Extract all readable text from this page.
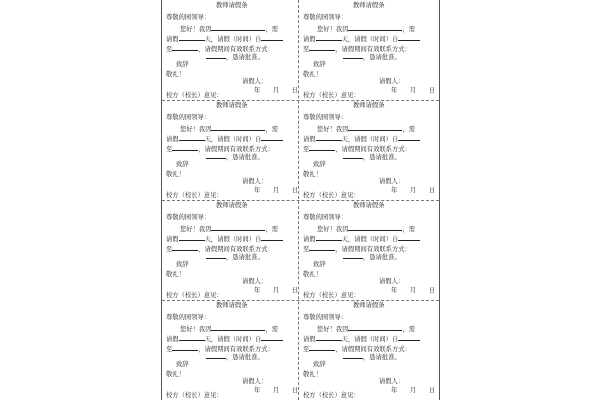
教师请假条
尊敬的园领导：
您好！我因	，需
请假	天，请假（时间）自
至	，请假期间有效联系方式：
，恳请批准。
致辞
敬礼！
请假人：
年　　月　　日
校方（校长）意见：
教师请假条
尊敬的园领导：
您好！我因	，需
请假	天，请假（时间）自
至	，请假期间有效联系方式：
，恳请批准。
致辞
敬礼！
请假人：
年　　月　　日
校方（校长）意见：
教师请假条
尊敬的园领导：
您好！我因	，需
请假	天，请假（时间）自
至	，请假期间有效联系方式：
，恳请批准。
致辞
敬礼！
请假人：
年　　月　　日
校方（校长）意见：
教师请假条
尊敬的园领导：
您好！我因	，需
请假	天，请假（时间）自
至	，请假期间有效联系方式：
，恳请批准。
致辞
敬礼！
请假人：
年　　月　　日
校方（校长）意见：
教师请假条
尊敬的园领导：
您好！我因	，需
请假	天，请假（时间）自
至	，请假期间有效联系方式：
，恳请批准。
致辞
敬礼！
请假人：
年　　月　　日
校方（校长）意见：
教师请假条
尊敬的园领导：
您好！我因	，需
请假	天，请假（时间）自
至	，请假期间有效联系方式：
，恳请批准。
致辞
敬礼！
请假人：
年　　月　　日
校方（校长）意见：
教师请假条
尊敬的园领导：
您好！我因	，需
请假	天，请假（时间）自
至	，请假期间有效联系方式：
，恳请批准。
致辞
敬礼！
请假人：
年　　月　　日
校方（校长）意见：
教师请假条
尊敬的园领导：
您好！我因	，需
请假	天，请假（时间）自
至	，请假期间有效联系方式：
，恳请批准。
致辞
敬礼！
请假人：
年　　月　　日
校方（校长）意见：
